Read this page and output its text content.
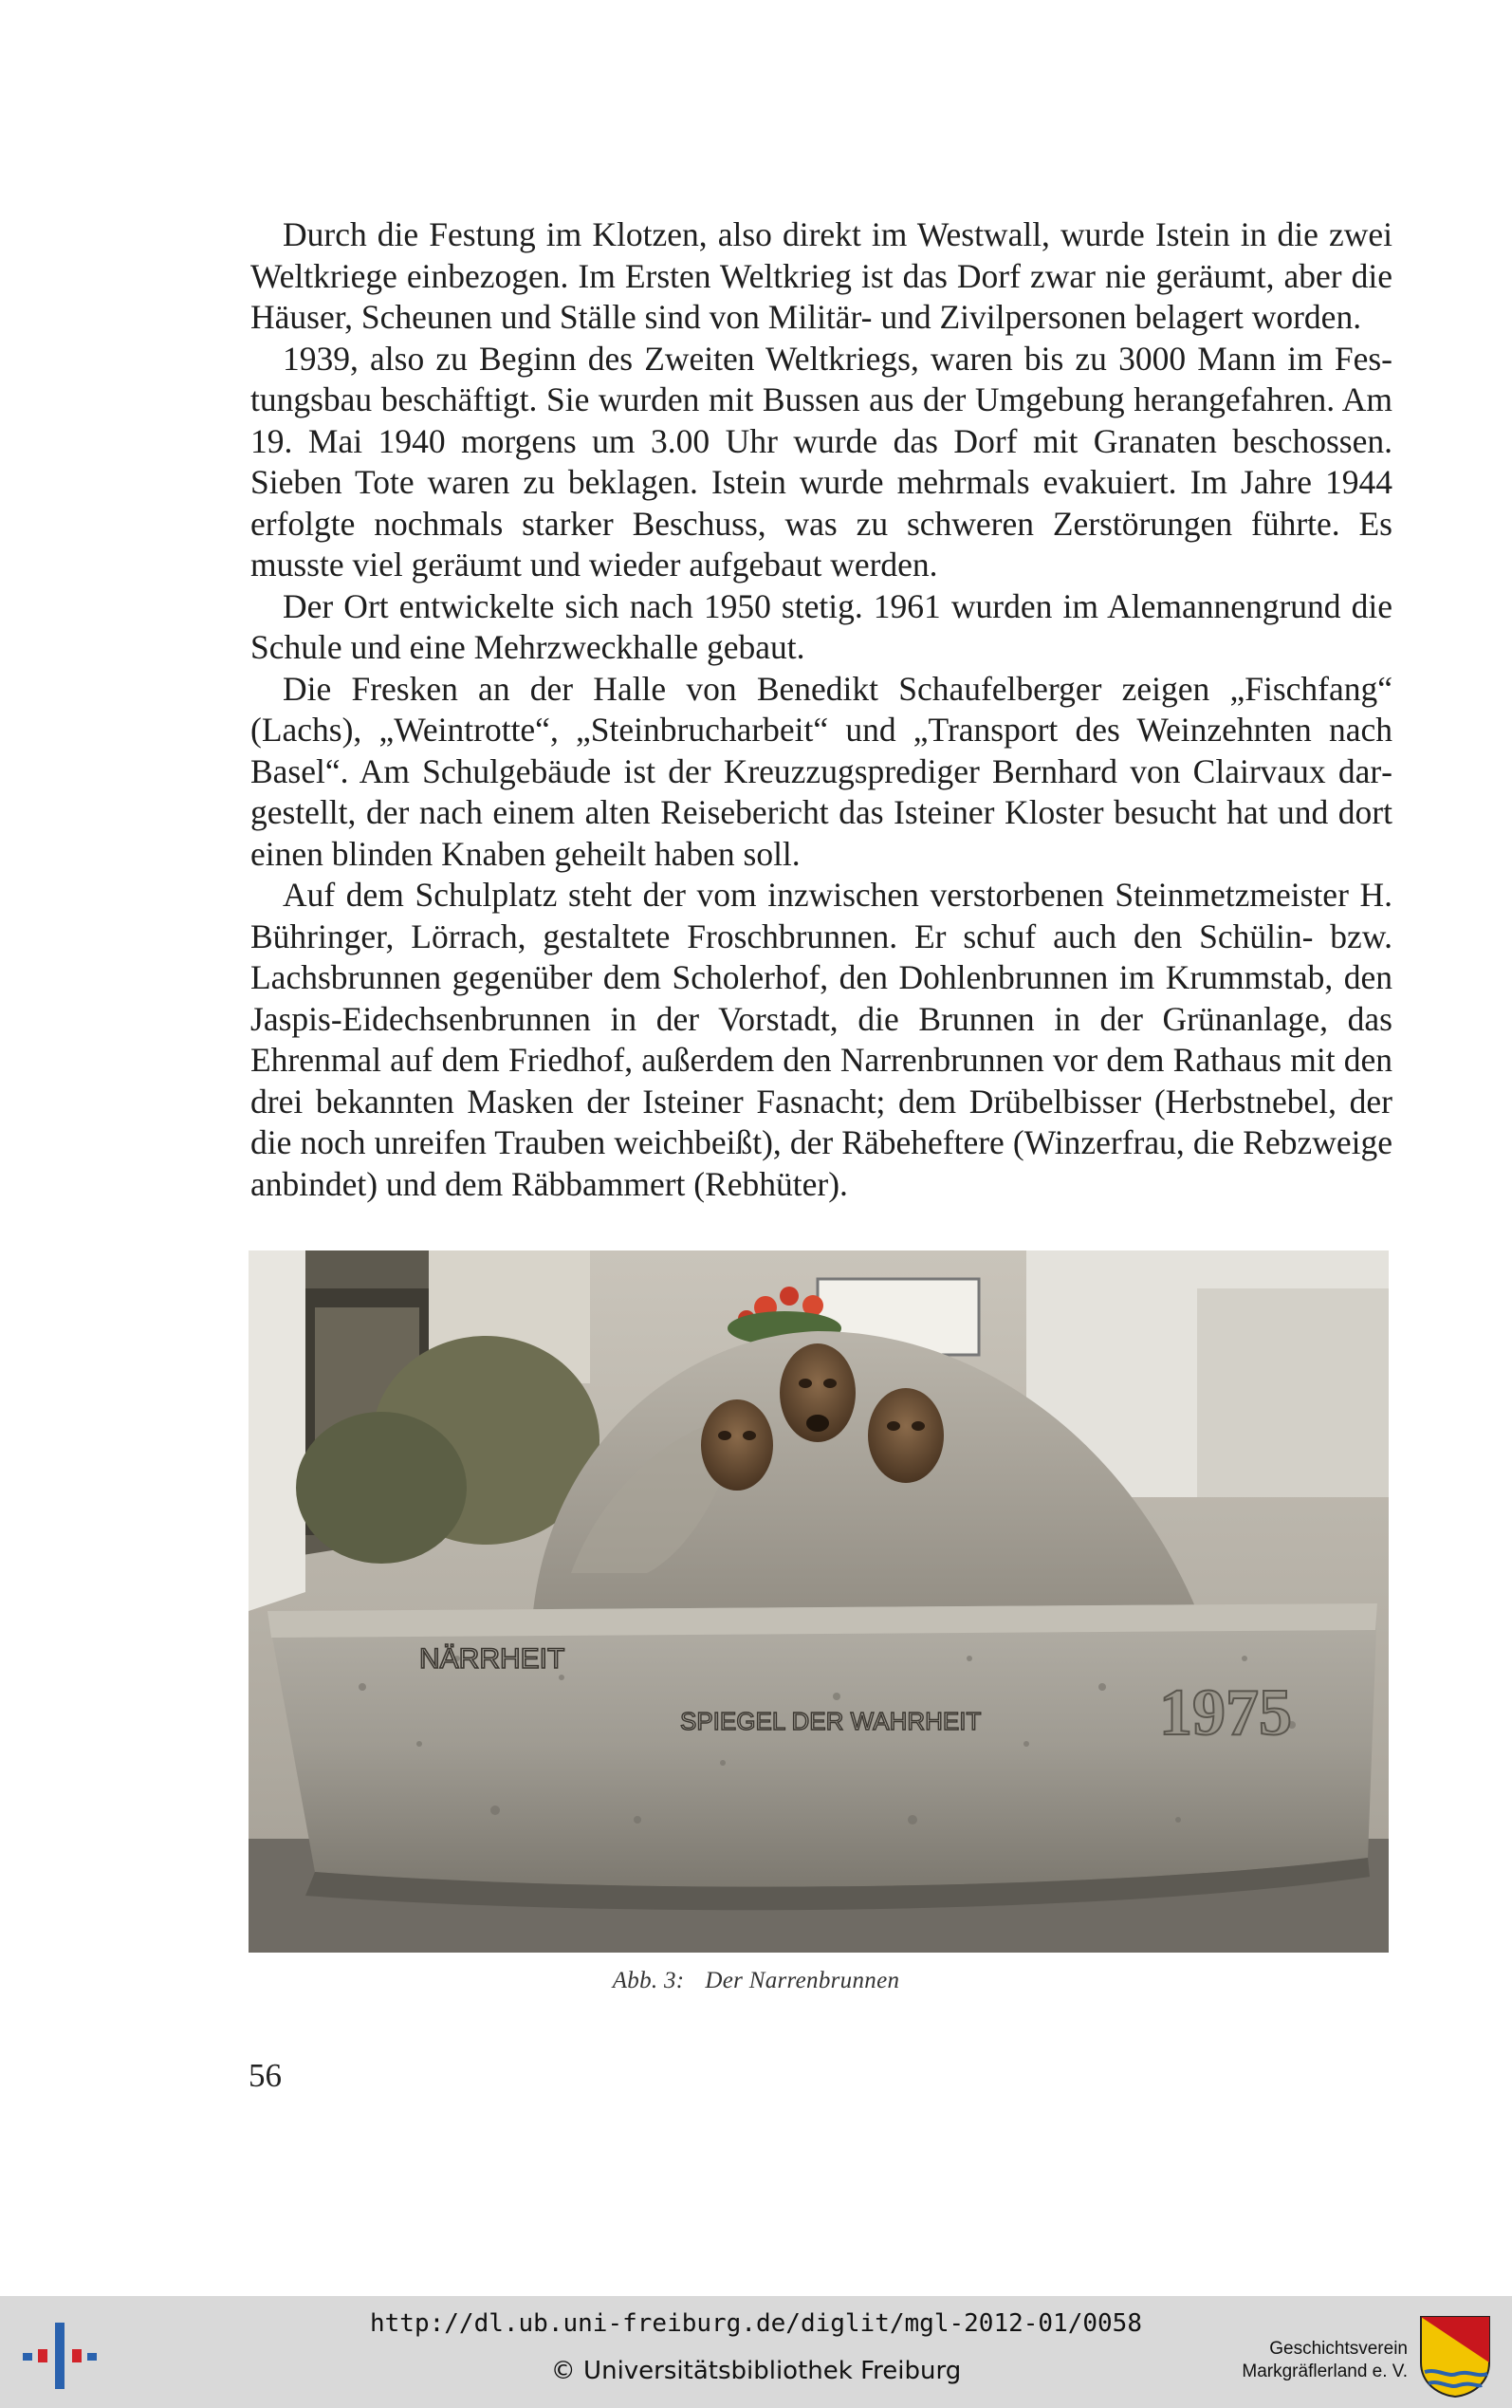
Durch die Festung im Klotzen, also direkt im Westwall, wurde Istein in die zwei Weltkriege einbezogen. Im Ersten Weltkrieg ist das Dorf zwar nie geräumt, aber die Häuser, Scheunen und Ställe sind von Militär- und Zivilpersonen belagert worden.

1939, also zu Beginn des Zweiten Weltkriegs, waren bis zu 3000 Mann im Festungsbau beschäftigt. Sie wurden mit Bussen aus der Umgebung herangefahren. Am 19. Mai 1940 morgens um 3.00 Uhr wurde das Dorf mit Granaten beschossen. Sieben Tote waren zu beklagen. Istein wurde mehrmals evakuiert. Im Jahre 1944 erfolgte nochmals starker Beschuss, was zu schweren Zerstörungen führte. Es musste viel geräumt und wieder aufgebaut werden.

Der Ort entwickelte sich nach 1950 stetig. 1961 wurden im Alemannengrund die Schule und eine Mehrzweckhalle gebaut.

Die Fresken an der Halle von Benedikt Schaufelberger zeigen „Fischfang“ (Lachs), „Weintrotte“, „Steinbrucharbeit“ und „Transport des Weinzehnten nach Basel“. Am Schulgebäude ist der Kreuzzugsprediger Bernhard von Clairvaux dargestellt, der nach einem alten Reisebericht das Isteiner Kloster besucht hat und dort einen blinden Knaben geheilt haben soll.

Auf dem Schulplatz steht der vom inzwischen verstorbenen Steinmetzmeister H. Bühringer, Lörrach, gestaltete Froschbrunnen. Er schuf auch den Schülin- bzw. Lachsbrunnen gegenüber dem Scholerhof, den Dohlenbrunnen im Krummstab, den Jaspis-Eidechsenbrunnen in der Vorstadt, die Brunnen in der Grünanlage, das Ehrenmal auf dem Friedhof, außerdem den Narrenbrunnen vor dem Rathaus mit den drei bekannten Masken der Isteiner Fasnacht; dem Drübelbisser (Herbstnebel, der die noch unreifen Trauben weichbeißt), der Räbeheftere (Winzerfrau, die Rebzweige anbindet) und dem Räbbammert (Rebhüter).

NÄRRHEIT
SPIEGEL DER WAHRHEIT	1975
Abb. 3: Der Narrenbrunnen
56
http://dl.ub.uni-freiburg.de/diglit/mgl-2012-01/0058
© Universitätsbibliothek Freiburg
Geschichtsverein
Markgräflerland e. V.
